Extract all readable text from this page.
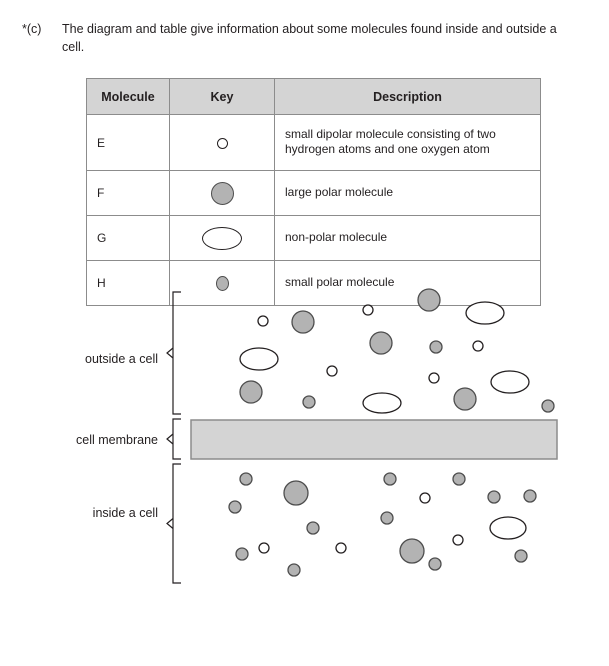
*(c) The diagram and table give information about some molecules found inside and outside a cell.
Molecule	Key	Description
E		small dipolar molecule consisting of two hydrogen atoms and one oxygen atom
F		large polar molecule
G		non-polar molecule
H		small polar molecule
outside a cell
cell membrane
inside a cell
